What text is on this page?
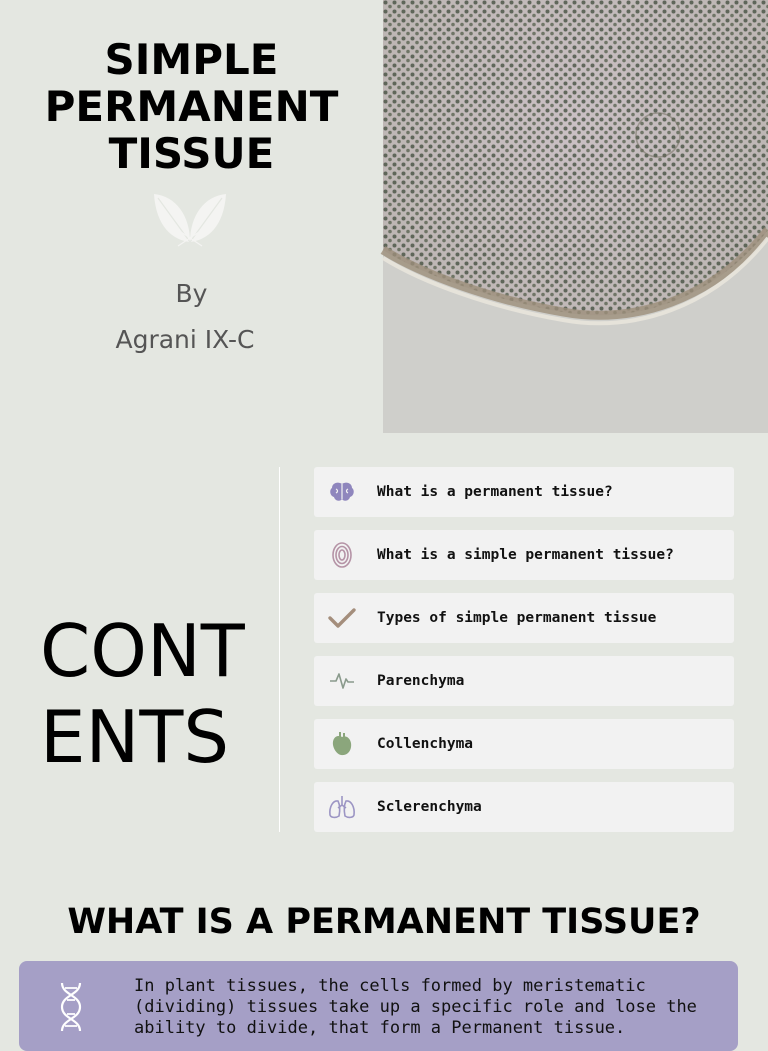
SIMPLE PERMANENT TISSUE
By
Agrani IX-C
CONTENTS
What is a permanent tissue?
What is a simple permanent tissue?
Types of simple permanent tissue
Parenchyma
Collenchyma
Sclerenchyma
WHAT IS A PERMANENT TISSUE?

In plant tissues, the cells formed by meristematic (dividing) tissues take up a specific role and lose the ability to divide, that form a Permanent tissue.
